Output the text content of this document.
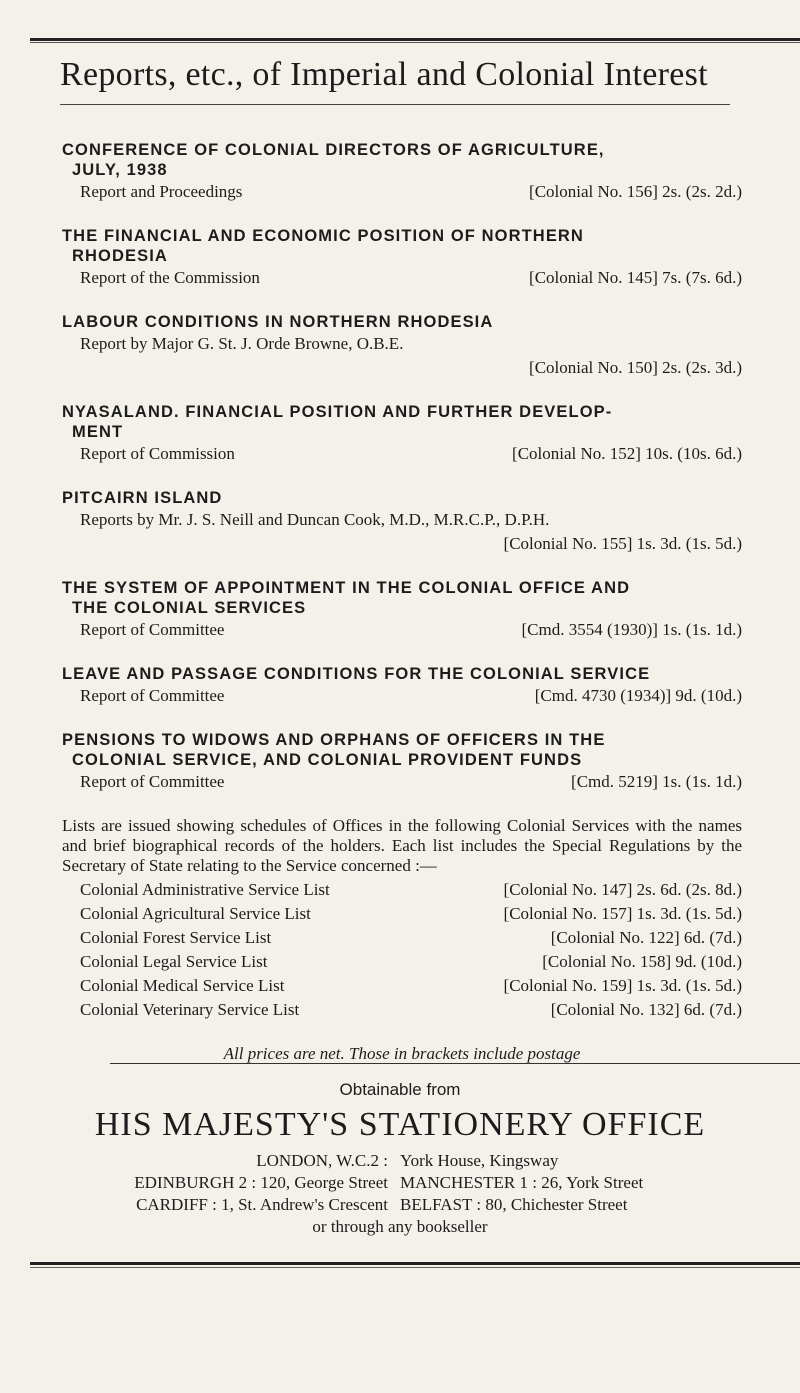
Reports, etc., of Imperial and Colonial Interest
CONFERENCE OF COLONIAL DIRECTORS OF AGRICULTURE,
JULY, 1938
Report and Proceedings	[Colonial No. 156] 2s. (2s. 2d.)
THE FINANCIAL AND ECONOMIC POSITION OF NORTHERN
RHODESIA
Report of the Commission	[Colonial No. 145] 7s. (7s. 6d.)
LABOUR CONDITIONS IN NORTHERN RHODESIA
Report by Major G. St. J. Orde Browne, O.B.E.
[Colonial No. 150] 2s. (2s. 3d.)
NYASALAND. FINANCIAL POSITION AND FURTHER DEVELOP-
MENT
Report of Commission	[Colonial No. 152] 10s. (10s. 6d.)
PITCAIRN ISLAND
Reports by Mr. J. S. Neill and Duncan Cook, M.D., M.R.C.P., D.P.H.
[Colonial No. 155] 1s. 3d. (1s. 5d.)
THE SYSTEM OF APPOINTMENT IN THE COLONIAL OFFICE AND
THE COLONIAL SERVICES
Report of Committee	[Cmd. 3554 (1930)] 1s. (1s. 1d.)
LEAVE AND PASSAGE CONDITIONS FOR THE COLONIAL SERVICE
Report of Committee	[Cmd. 4730 (1934)] 9d. (10d.)
PENSIONS TO WIDOWS AND ORPHANS OF OFFICERS IN THE
COLONIAL SERVICE, AND COLONIAL PROVIDENT FUNDS
Report of Committee	[Cmd. 5219] 1s. (1s. 1d.)
Lists are issued showing schedules of Offices in the following Colonial Services with the names and brief biographical records of the holders. Each list includes the Special Regulations by the Secretary of State relating to the Service concerned :—
Colonial Administrative Service List	[Colonial No. 147] 2s. 6d. (2s. 8d.)
Colonial Agricultural Service List	[Colonial No. 157] 1s. 3d. (1s. 5d.)
Colonial Forest Service List	[Colonial No. 122] 6d. (7d.)
Colonial Legal Service List	[Colonial No. 158] 9d. (10d.)
Colonial Medical Service List	[Colonial No. 159] 1s. 3d. (1s. 5d.)
Colonial Veterinary Service List	[Colonial No. 132] 6d. (7d.)
All prices are net. Those in brackets include postage
Obtainable from
HIS MAJESTY'S STATIONERY OFFICE
LONDON, W.C.2 : York House, Kingsway
EDINBURGH 2 : 120, George Street MANCHESTER 1 : 26, York Street
CARDIFF : 1, St. Andrew's Crescent BELFAST : 80, Chichester Street
or through any bookseller
